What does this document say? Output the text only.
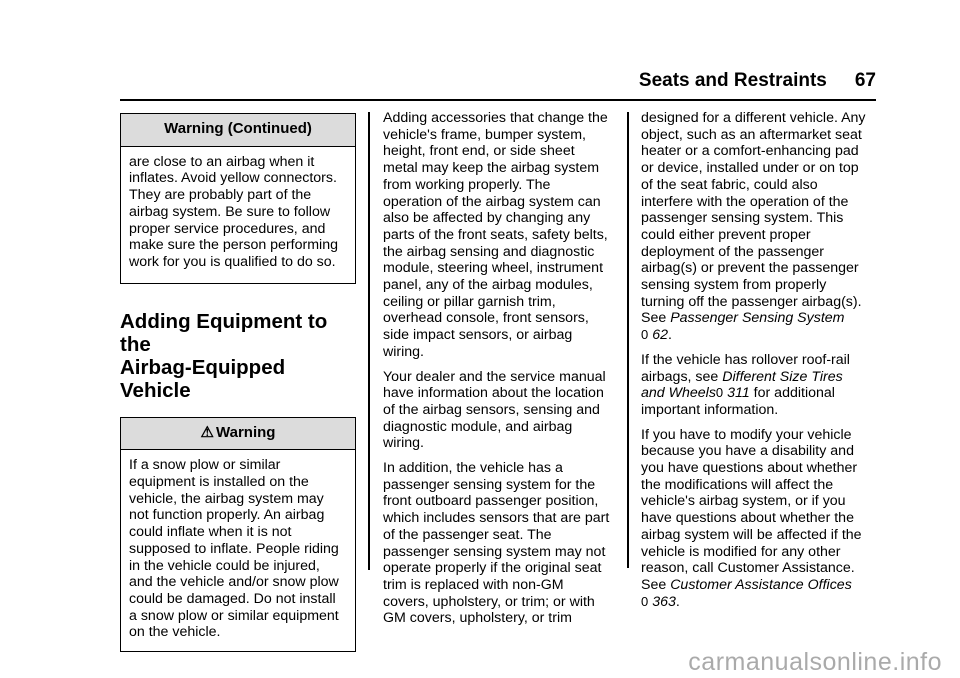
Seats and Restraints 67
Warning (Continued)
are close to an airbag when it
inflates. Avoid yellow connectors.
They are probably part of the
airbag system. Be sure to follow
proper service procedures, and
make sure the person performing
work for you is qualified to do so.
Adding Equipment to the
Airbag-Equipped Vehicle
⚠ Warning
If a snow plow or similar
equipment is installed on the
vehicle, the airbag system may
not function properly. An airbag
could inflate when it is not
supposed to inflate. People riding
in the vehicle could be injured,
and the vehicle and/or snow plow
could be damaged. Do not install
a snow plow or similar equipment
on the vehicle.

Adding accessories that change the
vehicle's frame, bumper system,
height, front end, or side sheet
metal may keep the airbag system
from working properly. The
operation of the airbag system can
also be affected by changing any
parts of the front seats, safety belts,
the airbag sensing and diagnostic
module, steering wheel, instrument
panel, any of the airbag modules,
ceiling or pillar garnish trim,
overhead console, front sensors,
side impact sensors, or airbag
wiring.

Your dealer and the service manual
have information about the location
of the airbag sensors, sensing and
diagnostic module, and airbag
wiring.

In addition, the vehicle has a
passenger sensing system for the
front outboard passenger position,
which includes sensors that are part
of the passenger seat. The
passenger sensing system may not
operate properly if the original seat
trim is replaced with non-GM
covers, upholstery, or trim; or with
GM covers, upholstery, or trim

designed for a different vehicle. Any
object, such as an aftermarket seat
heater or a comfort-enhancing pad
or device, installed under or on top
of the seat fabric, could also
interfere with the operation of the
passenger sensing system. This
could either prevent proper
deployment of the passenger
airbag(s) or prevent the passenger
sensing system from properly
turning off the passenger airbag(s).
See Passenger Sensing System
0 62.

If the vehicle has rollover roof-rail
airbags, see Different Size Tires
and Wheels0 311 for additional
important information.

If you have to modify your vehicle
because you have a disability and
you have questions about whether
the modifications will affect the
vehicle's airbag system, or if you
have questions about whether the
airbag system will be affected if the
vehicle is modified for any other
reason, call Customer Assistance.
See Customer Assistance Offices
0 363.

carmanualsonline.info
